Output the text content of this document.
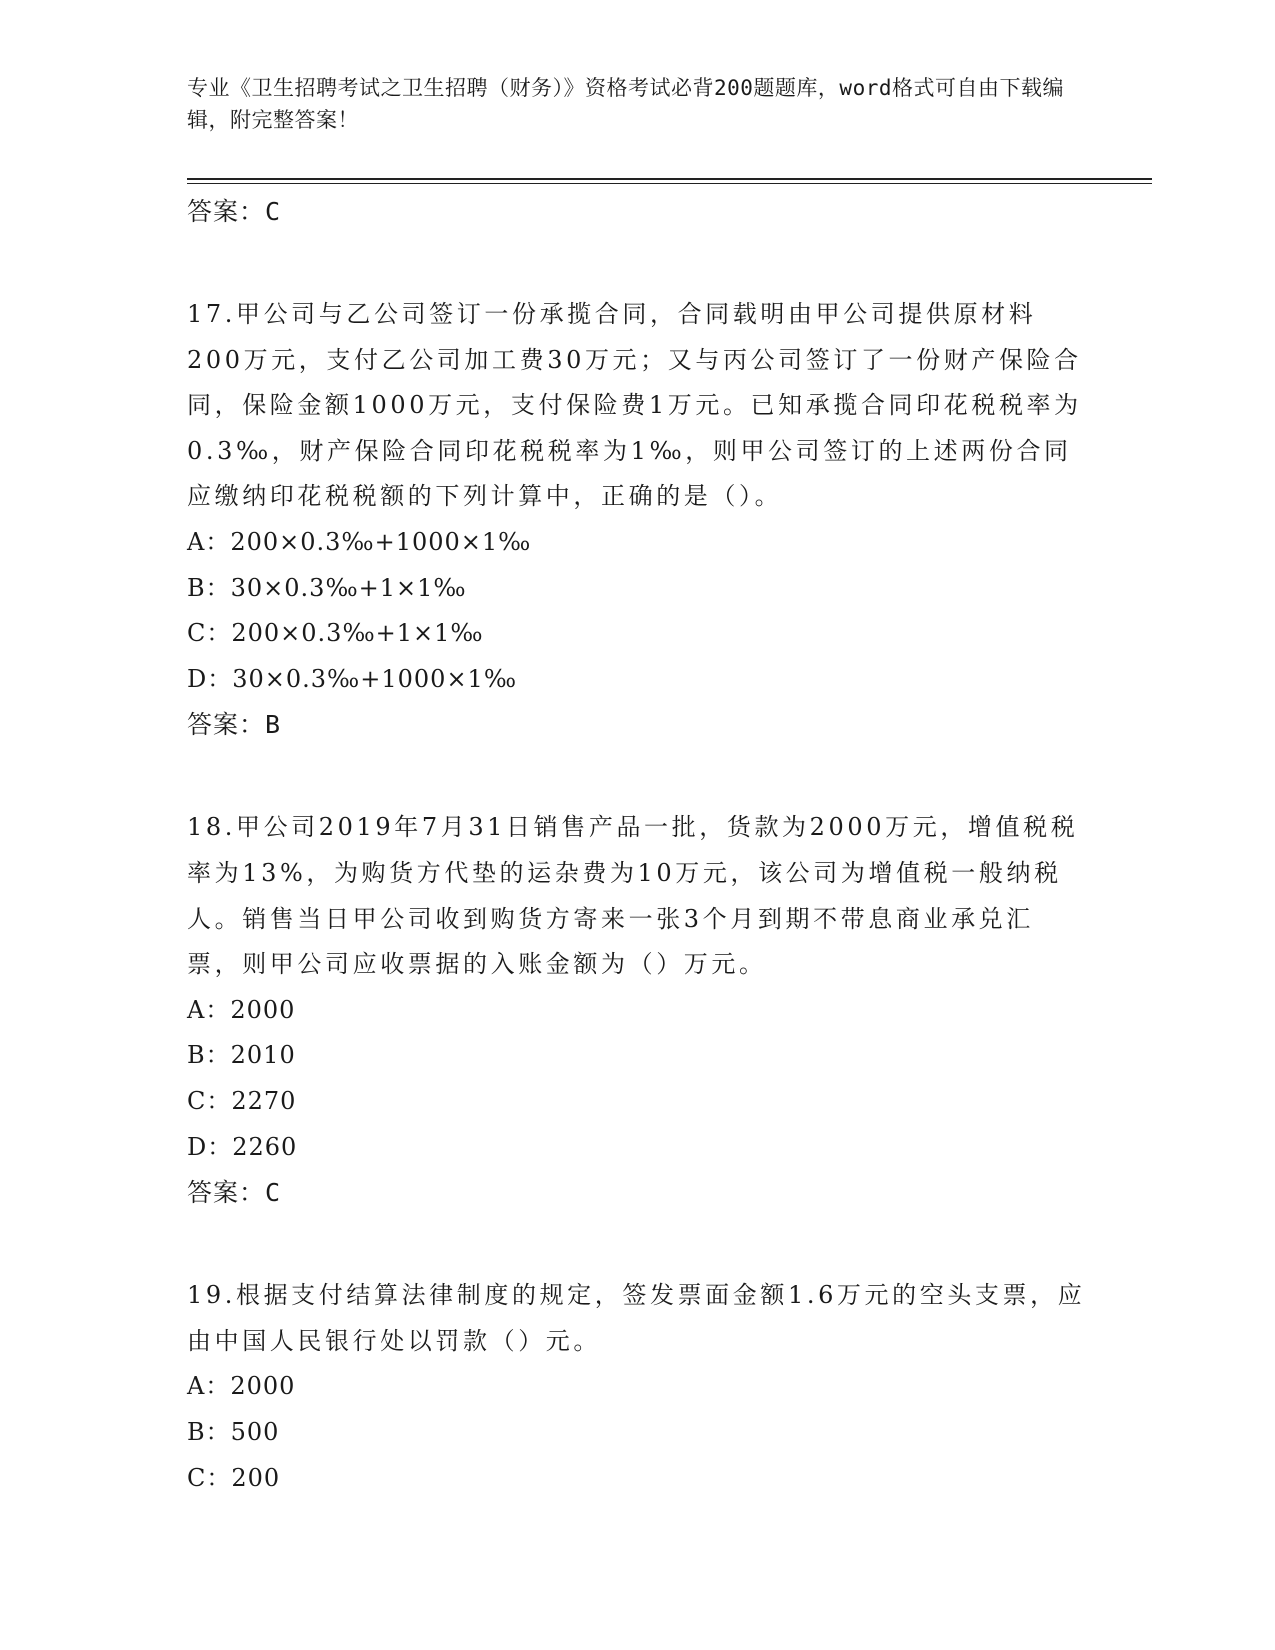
专业《卫生招聘考试之卫生招聘（财务）》资格考试必背200题题库，word格式可自由下载编辑，附完整答案！
答案：C
17.甲公司与乙公司签订一份承揽合同，合同载明由甲公司提供原材料200万元，支付乙公司加工费30万元；又与丙公司签订了一份财产保险合同，保险金额1000万元，支付保险费1万元。已知承揽合同印花税税率为0.3‰，财产保险合同印花税税率为1‰，则甲公司签订的上述两份合同应缴纳印花税税额的下列计算中，正确的是（）。
A：200×0.3‰+1000×1‰
B：30×0.3‰+1×1‰
C：200×0.3‰+1×1‰
D：30×0.3‰+1000×1‰
答案：B
18.甲公司2019年7月31日销售产品一批，货款为2000万元，增值税税率为13%，为购货方代垫的运杂费为10万元，该公司为增值税一般纳税人。销售当日甲公司收到购货方寄来一张3个月到期不带息商业承兑汇票，则甲公司应收票据的入账金额为（）万元。
A：2000
B：2010
C：2270
D：2260
答案：C
19.根据支付结算法律制度的规定，签发票面金额1.6万元的空头支票，应由中国人民银行处以罚款（）元。
A：2000
B：500
C：200
